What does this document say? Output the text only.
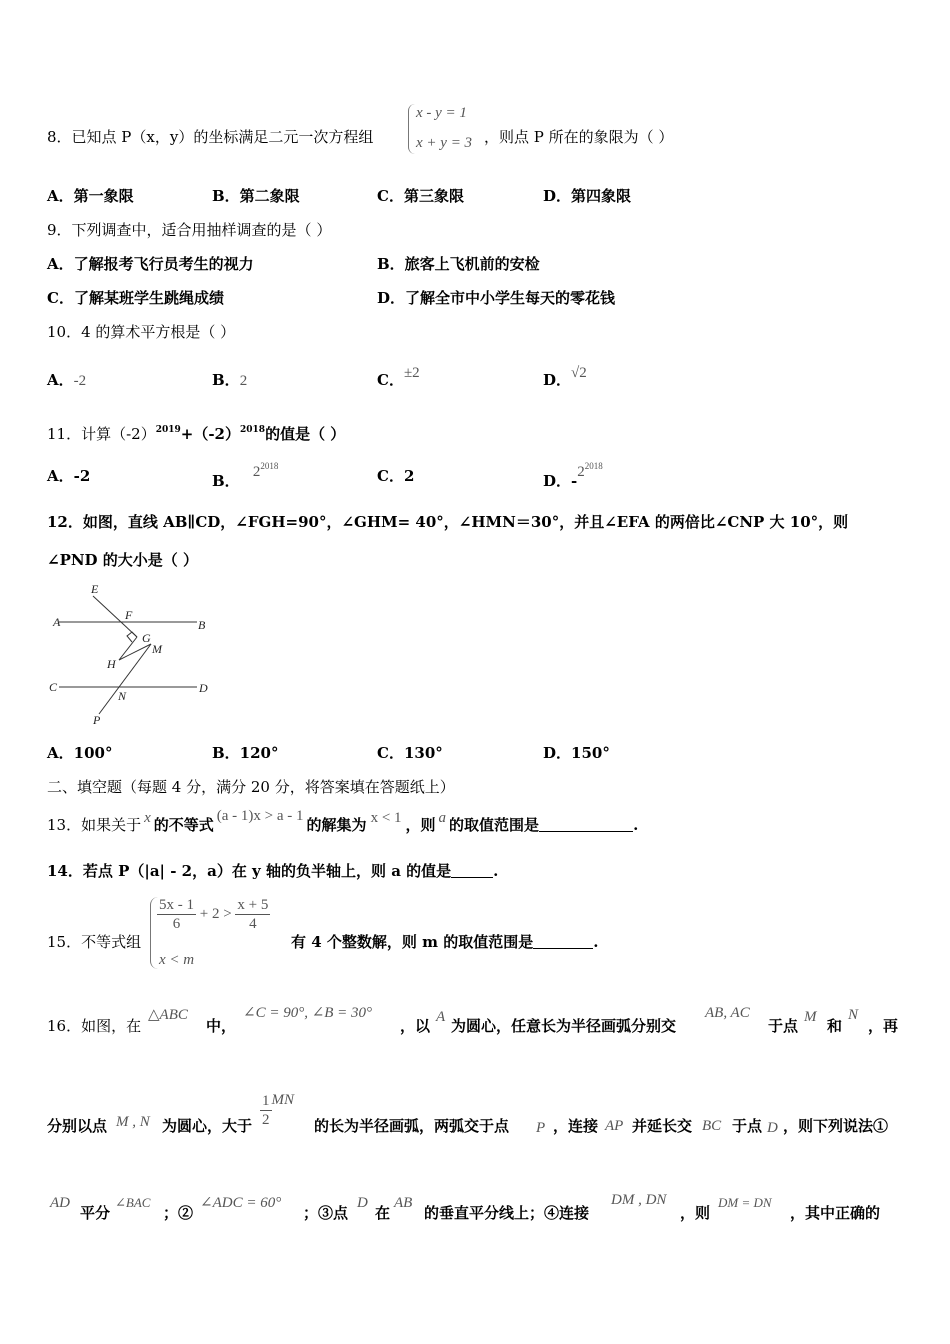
8．已知点 P（x，y）的坐标满足二元一次方程组
x - y = 1
x + y = 3 ，则点 P 所在的象限为（ ）
A．第一象限	B．第二象限	C．第三象限	D．第四象限
9．下列调查中，适合用抽样调查的是（ ）
A．了解报考飞行员考生的视力	B．旅客上飞机前的安检
C．了解某班学生跳绳成绩	D．了解全市中小学生每天的零花钱
10．4 的算术平方根是（ ）
A．-2	B．2	C．±2	D．√2
11．计算$(-2)^{2019}+(-2)^{2018}$的值是（ ）
A．-2	B． $2^{2018}$
C．2	D．$-2^{2018}$
12．如图，直线 AB∥CD，∠FGH=90°，∠GHM= 40°，∠HMN＝30°，并且∠EFA 的两倍比∠CNP 大 10°，则
∠PND 的大小是（ ）
E
F
A	B
G
M
H
C
N
D
P
A．100°	B．120°	C．130°	D．150°
二、填空题（每题 4 分，满分 20 分，将答案填在答题纸上）
13．如果关于 x 的不等式 (a - 1)x > a - 1 的解集为 x < 1 ，则 a 的取值范围是	.
14．若点 P（|a| - 2，a）在 y 轴的负半轴上，则 a 的值是	.
15．不等式组
$\frac{5x - 1}{6} + 2 > \frac{x + 5}{4}$
x < m
有 4 个整数解，则 m 的取值范围是	.
16．如图，在
△ABC
中，
∠C = 90°, ∠B = 30°
，以 A 为圆心，任意长为半径画弧分别交
AB, AC
于点 M 和
N
，再
分别以点 M , N 为圆心，大于 $\frac{1}{2}$ MN
的长为半径画弧，两弧交于点 P ，连接 AP 并延长交 BC 于点 D ，则下列说法①
AD
平分
∠BAC
；②
∠ADC = 60°
；③点
D
在
AB
的垂直平分线上；④连接
DM , DN
，则
DM = DN
，其中正确的
